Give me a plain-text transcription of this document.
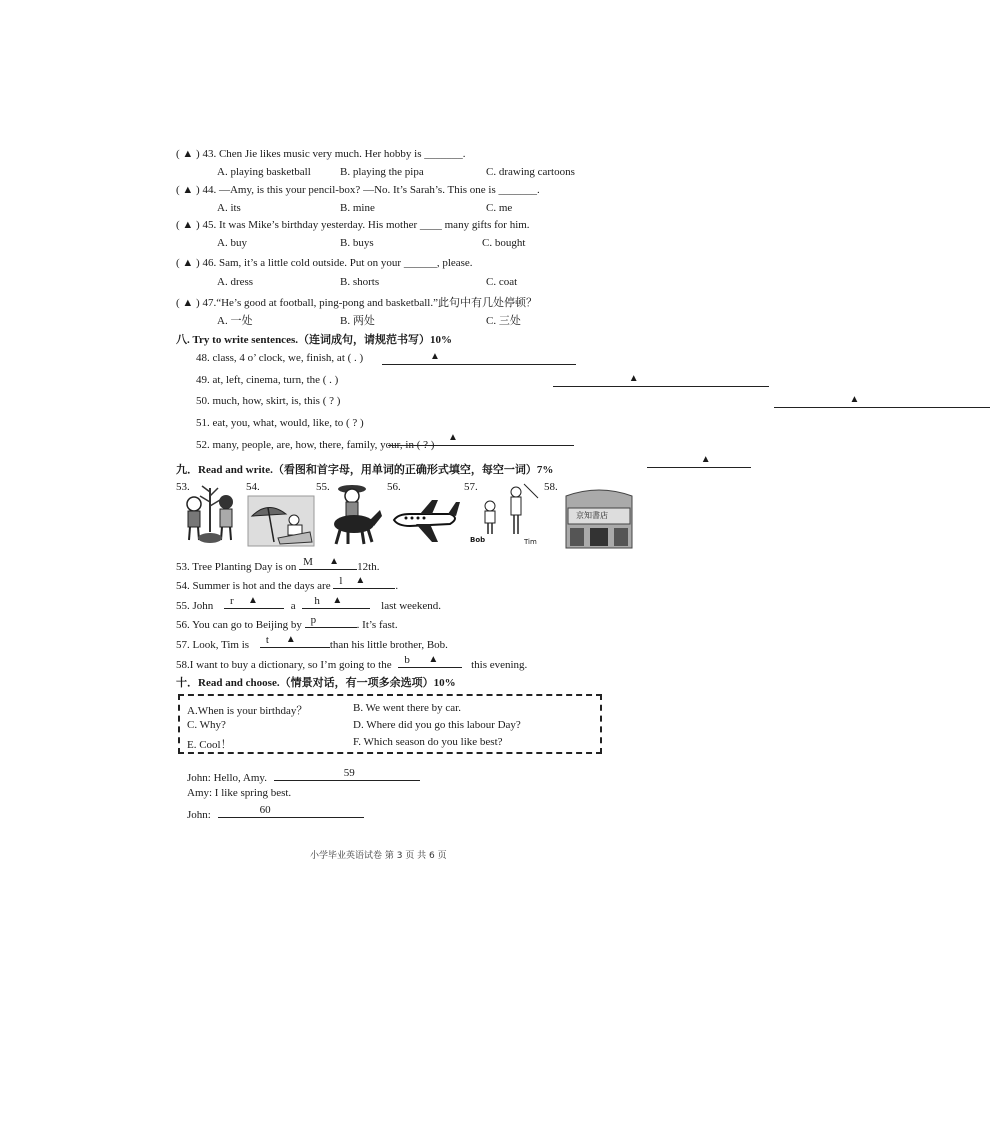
( ▲ ) 43. Chen Jie likes music very much. Her hobby is _______.
A. playing basketball	B. playing the pipa	C. drawing cartoons
( ▲ ) 44. —Amy, is this your pencil-box? —No. It’s Sarah’s. This one is _______.
A. its	B. mine	C. me
( ▲ ) 45. It was Mike’s birthday yesterday. His mother ____ many gifts for him.
A. buy	B. buys	C. bought
( ▲ ) 46. Sam, it’s a little cold outside. Put on your ______, please.
A. dress	B. shorts	C. coat
( ▲ ) 47.“He’s good at football, ping-pong and basketball.”此句中有几处停顿？
A. 一处	B. 两处	C. 三处
八. Try to write sentences.（连词成句，请规范书写）10%
48. class, 4 o’ clock, we, finish, at ( . )	▲

49. at, left, cinema, turn, the ( . )	▲

50. much, how, skirt, is, this ( ? )	▲

51. eat, you, what, would, like, to ( ? )
▲

52. many, people, are, how, there, family, your, in ( ? )
▲
九．Read and write.（看图和首字母，用单词的正确形式填空，每空一词）7%
53.	54.	55.	56.	57.	58.
Bob	Tim
京知書店
53. Tree Planting Day is on M ▲ 12th.
54. Summer is hot and the days are l ▲	.
55. John r ▲	a h ▲	last weekend.
56. You can go to Beijing by p	. It’s fast.
57. Look, Tim is t ▲	than his little brother, Bob.
58.I want to buy a dictionary, so I’m going to the b ▲	this evening.
十．Read and choose.（情景对话，有一项多余选项）10%
A.When is your birthday？	B. We went there by car.
C. Why?	D. Where did you go this labour Day?
E. Cool！	F. Which season do you like best?
John: Hello, Amy.	59
Amy: I like spring best.
John:	60
小学毕业英语试卷 第 3 页 共 6 页
